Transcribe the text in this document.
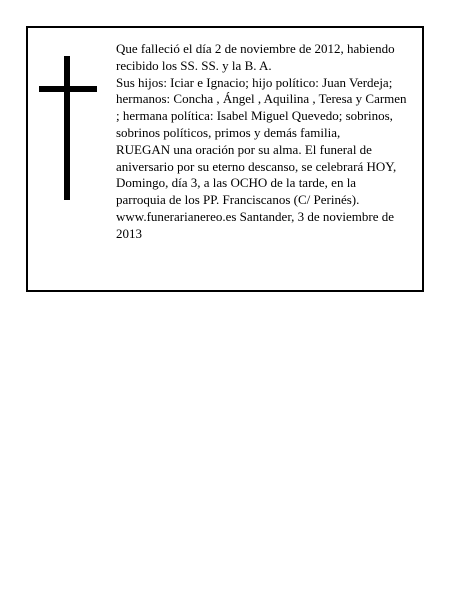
Que falleció el día 2 de noviembre de 2012, habiendo
recibido los SS. SS. y la B. A.
Sus hijos: Iciar e Ignacio; hijo político: Juan Verdeja;
hermanos: Concha , Ángel , Aquilina , Teresa y Carmen
; hermana política: Isabel Miguel Quevedo; sobrinos,
sobrinos políticos, primos y demás familia,
RUEGAN una oración por su alma. El funeral de
aniversario por su eterno descanso, se celebrará HOY,
Domingo, día 3, a las OCHO de la tarde, en la
parroquia de los PP. Franciscanos (C/ Perinés).
www.funerarianereo.es Santander, 3 de noviembre de
2013
